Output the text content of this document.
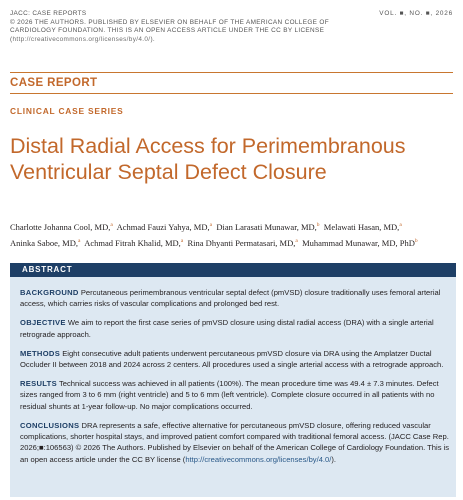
JACC: CASE REPORTS
© 2026 THE AUTHORS. PUBLISHED BY ELSEVIER ON BEHALF OF THE AMERICAN COLLEGE OF CARDIOLOGY FOUNDATION. THIS IS AN OPEN ACCESS ARTICLE UNDER THE CC BY LICENSE (http://creativecommons.org/licenses/by/4.0/).
VOL. ■, NO. ■, 2026
CASE REPORT
CLINICAL CASE SERIES
Distal Radial Access for Perimembranous Ventricular Septal Defect Closure
Charlotte Johanna Cool, MD,$^a$ Achmad Fauzi Yahya, MD,$^a$ Dian Larasati Munawar, MD,$^b$ Melawati Hasan, MD,$^a$
Aninka Saboe, MD,$^a$ Achmad Fitrah Khalid, MD,$^a$ Rina Dhyanti Permatasari, MD,$^a$ Muhammad Munawar, MD, PhD$^b$
ABSTRACT

BACKGROUND Percutaneous perimembranous ventricular septal defect (pmVSD) closure traditionally uses femoral arterial access, which carries risks of vascular complications and prolonged bed rest.

OBJECTIVE We aim to report the first case series of pmVSD closure using distal radial access (DRA) with a single arterial retrograde approach.

METHODS Eight consecutive adult patients underwent percutaneous pmVSD closure via DRA using the Amplatzer Ductal Occluder II between 2018 and 2024 across 2 centers. All procedures used a single arterial access with a retrograde approach.

RESULTS Technical success was achieved in all patients (100%). The mean procedure time was 49.4 ± 7.3 minutes. Defect sizes ranged from 3 to 6 mm (right ventricle) and 5 to 6 mm (left ventricle). Complete closure occurred in all patients with no residual shunts at 1-year follow-up. No major complications occurred.

CONCLUSIONS DRA represents a safe, effective alternative for percutaneous pmVSD closure, offering reduced vascular complications, shorter hospital stays, and improved patient comfort compared with traditional femoral access. (JACC Case Rep. 2026;■:106563) © 2026 The Authors. Published by Elsevier on behalf of the American College of Cardiology Foundation. This is an open access article under the CC BY license (http://creativecommons.org/licenses/by/4.0/).
